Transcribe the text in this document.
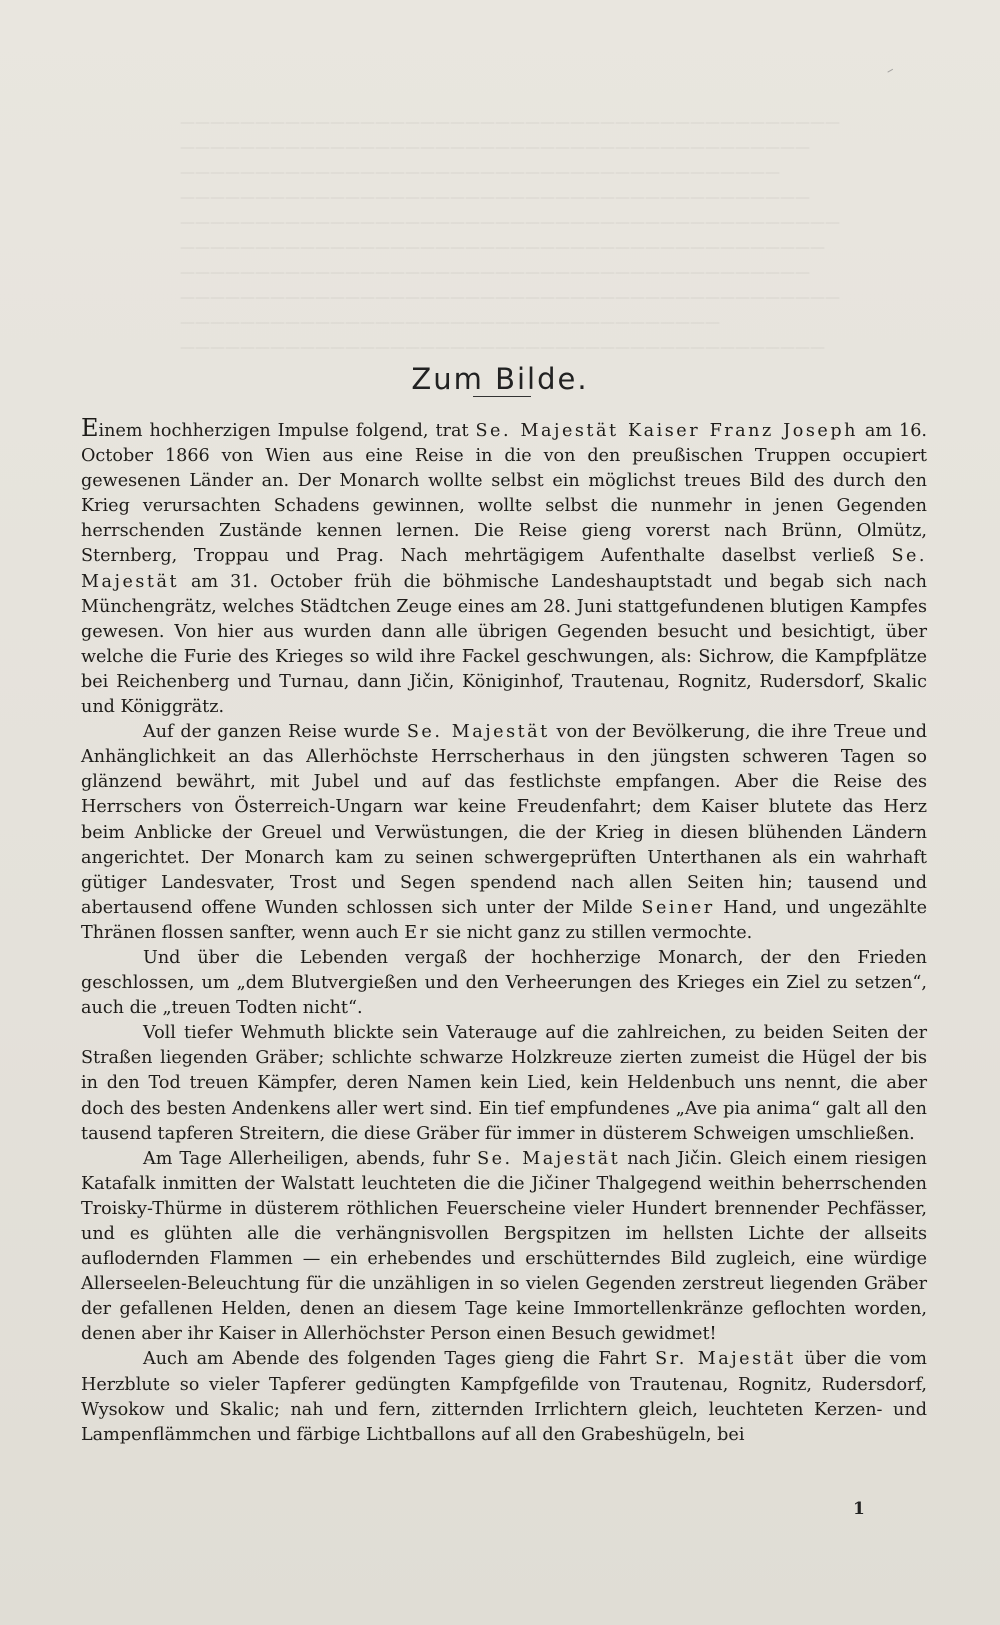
————————————————————————————————————————————
——————————————————————————————————————————
————————————————————————————————————————
——————————————————————————————————————————
————————————————————————————————————————————
———————————————————————————————————————————
——————————————————————————————————————————
————————————————————————————————————————————
————————————————————————————————————
———————————————————————————————————————————
Zum Bilde.

Einem hochherzigen Impulse folgend, trat Se. Majestät Kaiser Franz Joseph am 16. October 1866 von Wien aus eine Reise in die von den preußischen Truppen occupiert gewesenen Länder an. Der Monarch wollte selbst ein möglichst treues Bild des durch den Krieg verursachten Schadens gewinnen, wollte selbst die nunmehr in jenen Gegenden herrschenden Zustände kennen lernen. Die Reise gieng vorerst nach Brünn, Olmütz, Sternberg, Troppau und Prag. Nach mehrtägigem Aufenthalte daselbst verließ Se. Majestät am 31. October früh die böhmische Landeshauptstadt und begab sich nach Münchengrätz, welches Städtchen Zeuge eines am 28. Juni stattgefundenen blutigen Kampfes gewesen. Von hier aus wurden dann alle übrigen Gegenden besucht und besichtigt, über welche die Furie des Krieges so wild ihre Fackel geschwungen, als: Sichrow, die Kampfplätze bei Reichenberg und Turnau, dann Jičin, Königinhof, Trautenau, Rognitz, Rudersdorf, Skalic und Königgrätz.

Auf der ganzen Reise wurde Se. Majestät von der Bevölkerung, die ihre Treue und Anhänglichkeit an das Allerhöchste Herrscherhaus in den jüngsten schweren Tagen so glänzend bewährt, mit Jubel und auf das festlichste empfangen. Aber die Reise des Herrschers von Österreich-Ungarn war keine Freudenfahrt; dem Kaiser blutete das Herz beim Anblicke der Greuel und Verwüstungen, die der Krieg in diesen blühenden Ländern angerichtet. Der Monarch kam zu seinen schwergeprüften Unterthanen als ein wahrhaft gütiger Landesvater, Trost und Segen spendend nach allen Seiten hin; tausend und abertausend offene Wunden schlossen sich unter der Milde Seiner Hand, und ungezählte Thränen flossen sanfter, wenn auch Er sie nicht ganz zu stillen vermochte.

Und über die Lebenden vergaß der hochherzige Monarch, der den Frieden geschlossen, um „dem Blutvergießen und den Verheerungen des Krieges ein Ziel zu setzen“, auch die „treuen Todten nicht“.

Voll tiefer Wehmuth blickte sein Vaterauge auf die zahlreichen, zu beiden Seiten der Straßen liegenden Gräber; schlichte schwarze Holzkreuze zierten zumeist die Hügel der bis in den Tod treuen Kämpfer, deren Namen kein Lied, kein Heldenbuch uns nennt, die aber doch des besten Andenkens aller wert sind. Ein tief empfundenes „Ave pia anima“ galt all den tausend tapferen Streitern, die diese Gräber für immer in düsterem Schweigen umschließen.

Am Tage Allerheiligen, abends, fuhr Se. Majestät nach Jičin. Gleich einem riesigen Katafalk inmitten der Walstatt leuchteten die die Jičiner Thalgegend weithin beherrschenden Troisky-Thürme in düsterem röthlichen Feuerscheine vieler Hundert brennender Pechfässer, und es glühten alle die verhängnisvollen Bergspitzen im hellsten Lichte der allseits auflodernden Flammen — ein erhebendes und erschütterndes Bild zugleich, eine würdige Allerseelen-Beleuchtung für die unzähligen in so vielen Gegenden zerstreut liegenden Gräber der gefallenen Helden, denen an diesem Tage keine Immortellenkränze geflochten worden, denen aber ihr Kaiser in Allerhöchster Person einen Besuch gewidmet!

Auch am Abende des folgenden Tages gieng die Fahrt Sr. Majestät über die vom Herzblute so vieler Tapferer gedüngten Kampfgefilde von Trautenau, Rognitz, Rudersdorf, Wysokow und Skalic; nah und fern, zitternden Irrlichtern gleich, leuchteten Kerzen- und Lampenflämmchen und färbige Lichtballons auf all den Grabeshügeln, bei

1
